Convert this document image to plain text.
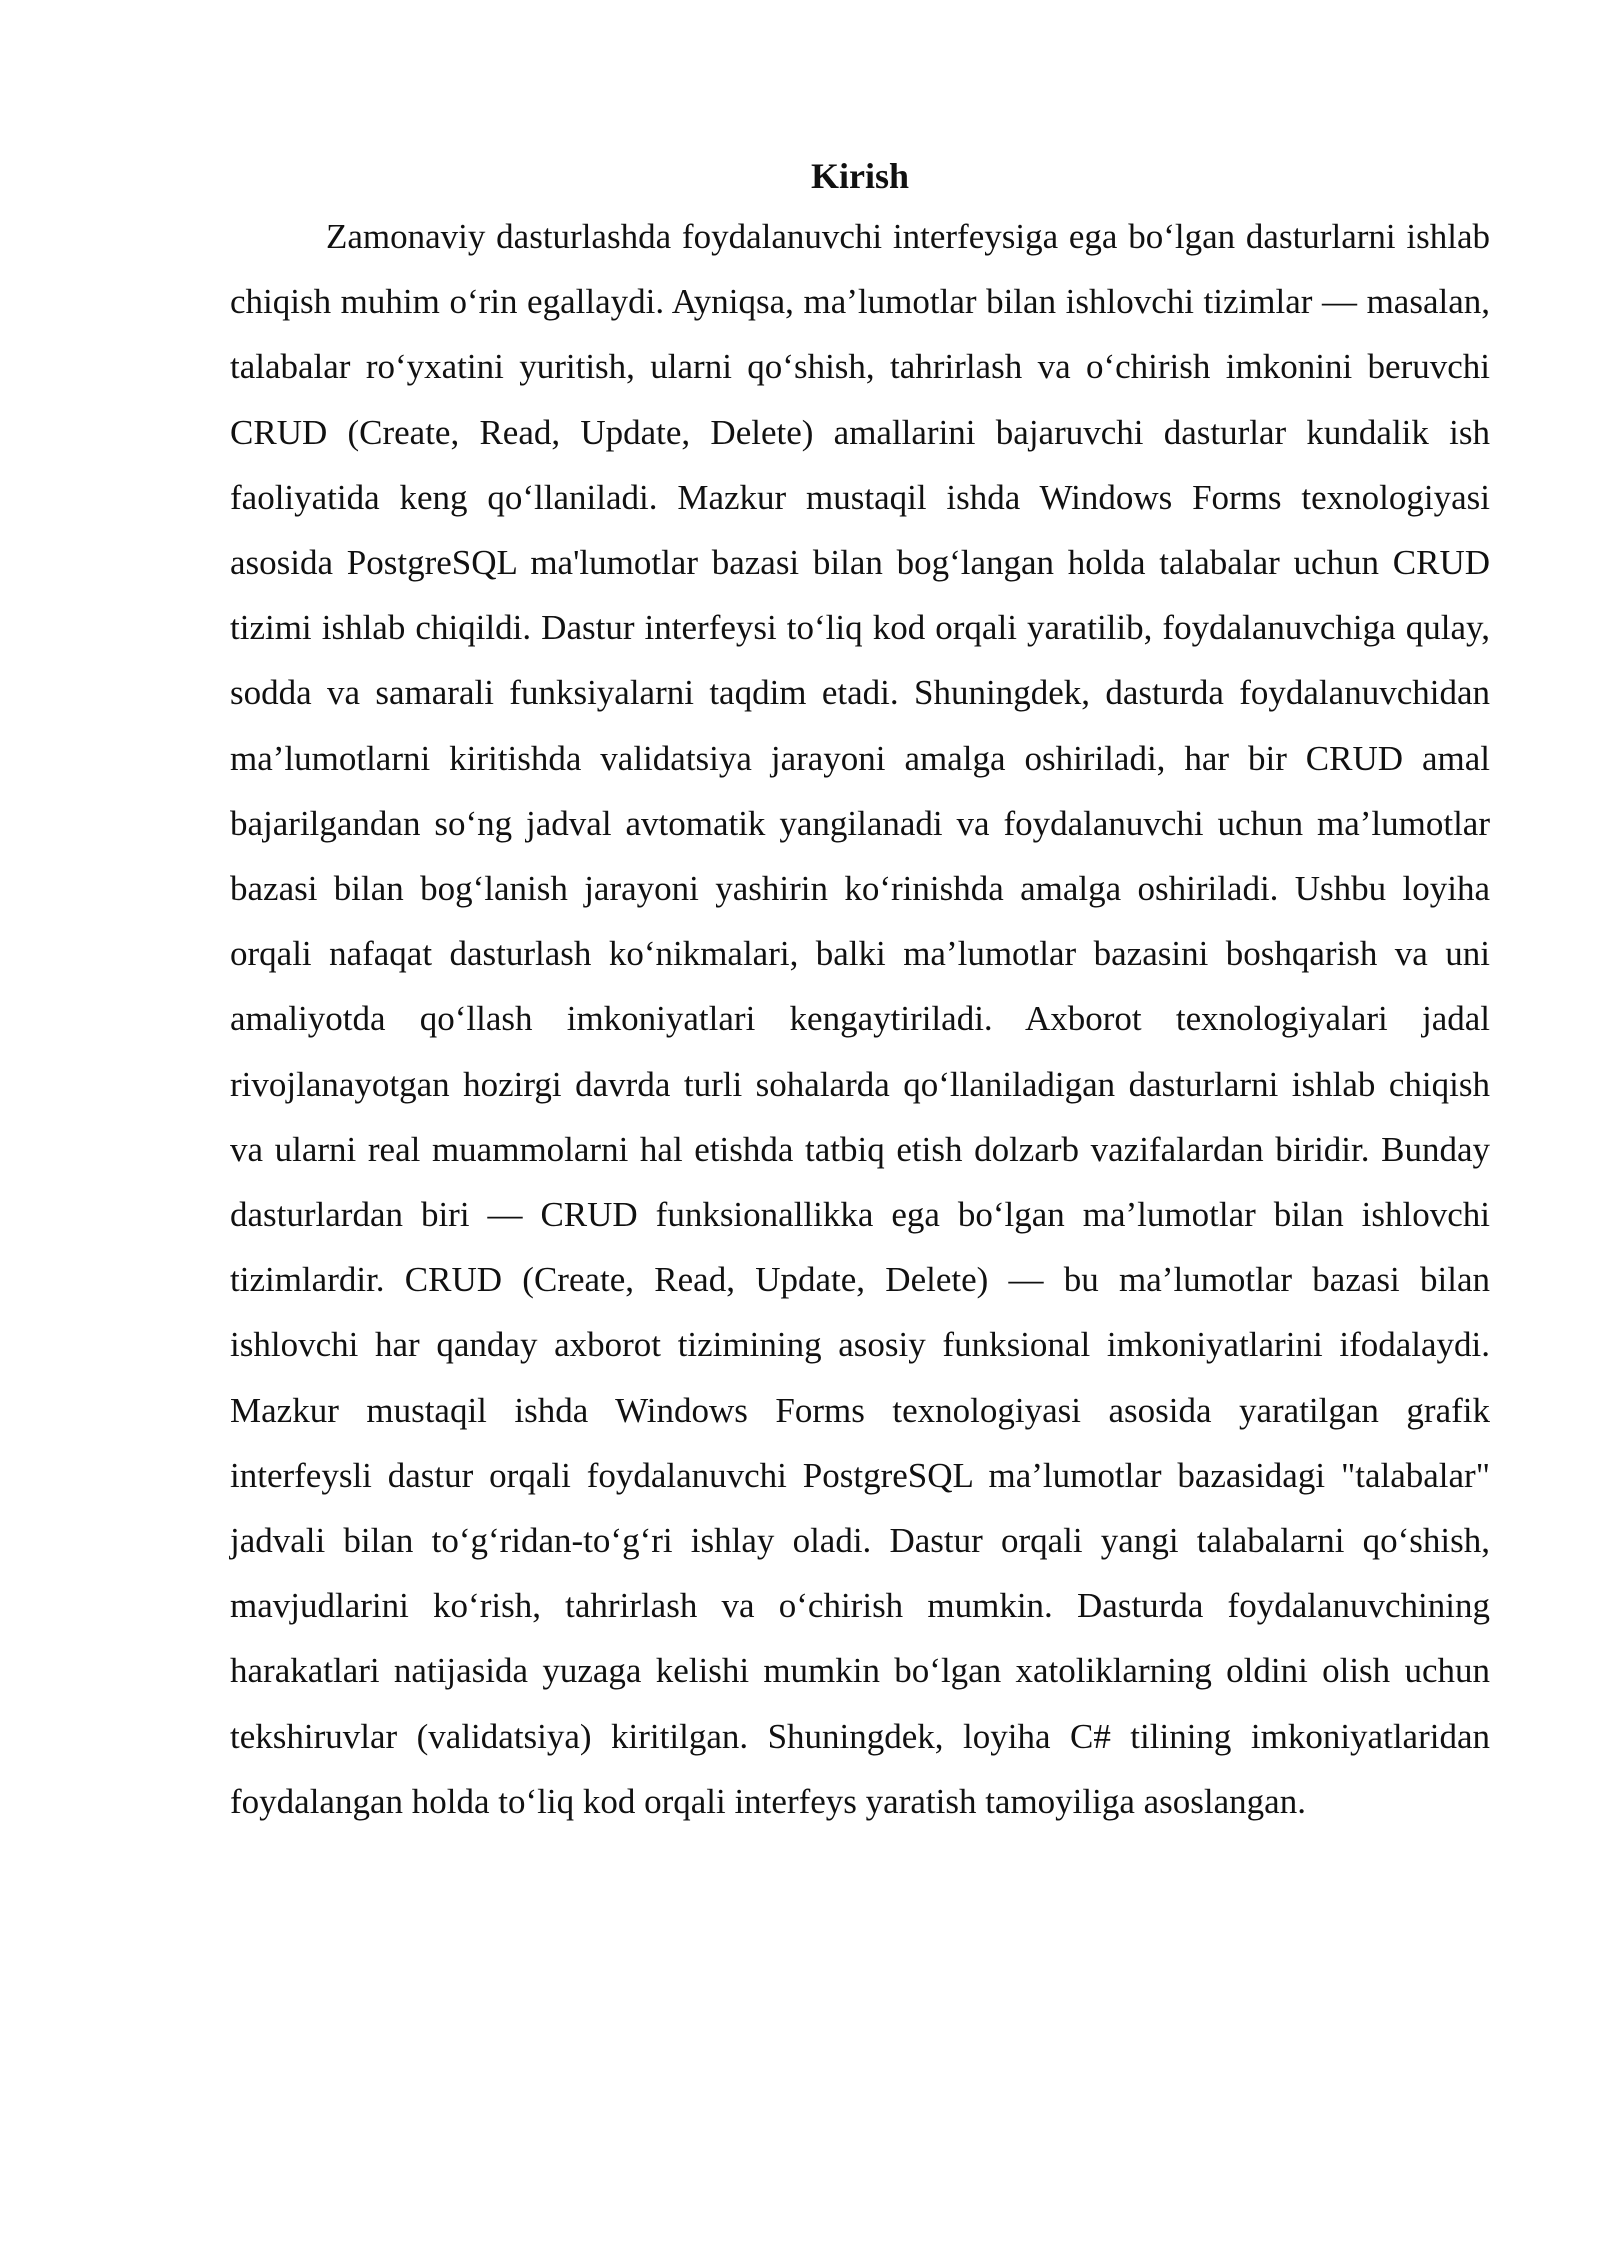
Kirish

Zamonaviy dasturlashda foydalanuvchi interfeysiga ega boʻlgan dasturlarni ishlab chiqish muhim oʻrin egallaydi. Ayniqsa, ma’lumotlar bilan ishlovchi tizimlar — masalan, talabalar roʻyxatini yuritish, ularni qoʻshish, tahrirlash va oʻchirish imkonini beruvchi CRUD (Create, Read, Update, Delete) amallarini bajaruvchi dasturlar kundalik ish faoliyatida keng qoʻllaniladi. Mazkur mustaqil ishda Windows Forms texnologiyasi asosida PostgreSQL ma'lumotlar bazasi bilan bogʻlangan holda talabalar uchun CRUD tizimi ishlab chiqildi. Dastur interfeysi toʻliq kod orqali yaratilib, foydalanuvchiga qulay, sodda va samarali funksiyalarni taqdim etadi. Shuningdek, dasturda foydalanuvchidan ma’lumotlarni kiritishda validatsiya jarayoni amalga oshiriladi, har bir CRUD amal bajarilgandan soʻng jadval avtomatik yangilanadi va foydalanuvchi uchun ma’lumotlar bazasi bilan bogʻlanish jarayoni yashirin koʻrinishda amalga oshiriladi. Ushbu loyiha orqali nafaqat dasturlash koʻnikmalari, balki ma’lumotlar bazasini boshqarish va uni amaliyotda qoʻllash imkoniyatlari kengaytiriladi. Axborot texnologiyalari jadal rivojlanayotgan hozirgi davrda turli sohalarda qoʻllaniladigan dasturlarni ishlab chiqish va ularni real muammolarni hal etishda tatbiq etish dolzarb vazifalardan biridir. Bunday dasturlardan biri — CRUD funksionallikka ega boʻlgan ma’lumotlar bilan ishlovchi tizimlardir. CRUD (Create, Read, Update, Delete) — bu ma’lumotlar bazasi bilan ishlovchi har qanday axborot tizimining asosiy funksional imkoniyatlarini ifodalaydi. Mazkur mustaqil ishda Windows Forms texnologiyasi asosida yaratilgan grafik interfeysli dastur orqali foydalanuvchi PostgreSQL ma’lumotlar bazasidagi "talabalar" jadvali bilan toʻgʻridan-toʻgʻri ishlay oladi. Dastur orqali yangi talabalarni qoʻshish, mavjudlarini koʻrish, tahrirlash va oʻchirish mumkin. Dasturda foydalanuvchining harakatlari natijasida yuzaga kelishi mumkin boʻlgan xatoliklarning oldini olish uchun tekshiruvlar (validatsiya) kiritilgan. Shuningdek, loyiha C# tilining imkoniyatlaridan foydalangan holda toʻliq kod orqali interfeys yaratish tamoyiliga asoslangan.
